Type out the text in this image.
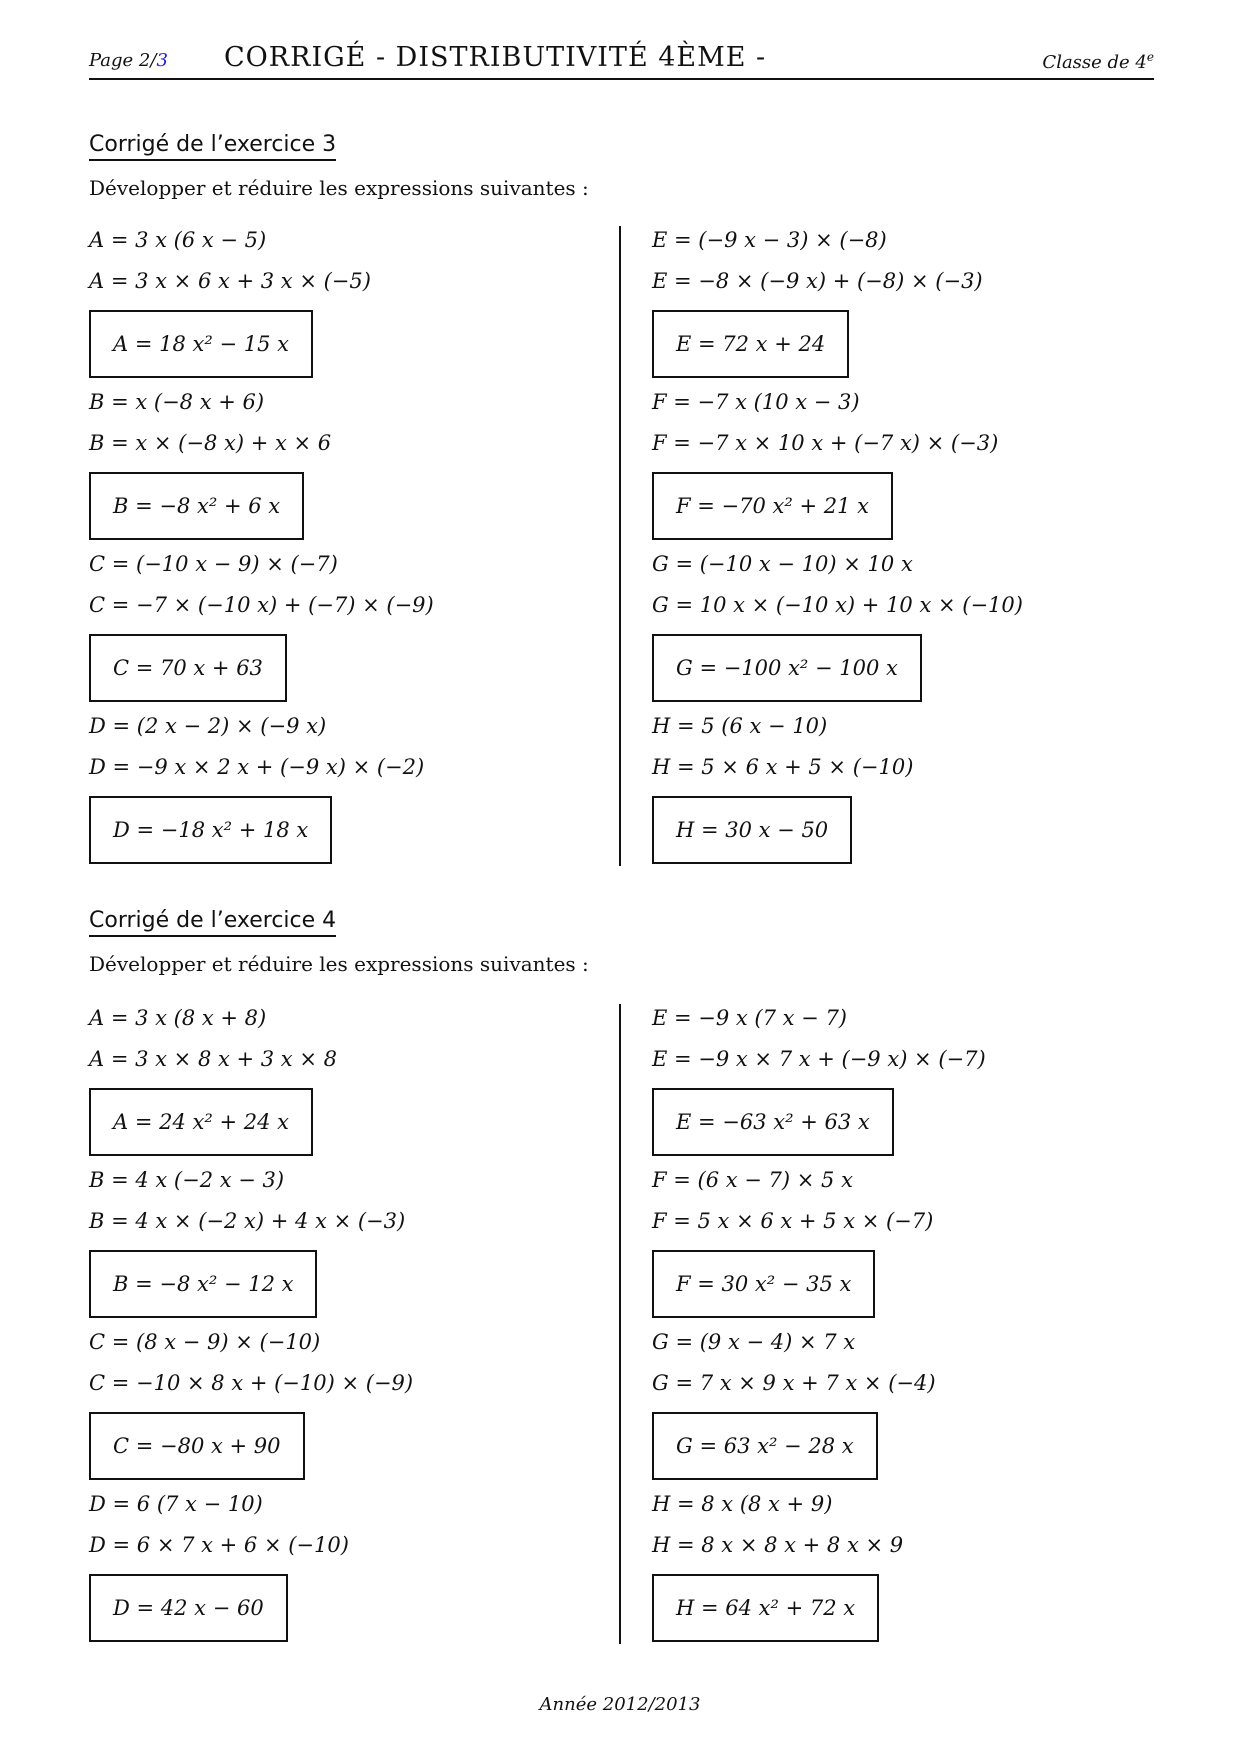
Page 2/3 CORRIGÉ - DISTRIBUTIVITÉ 4ÈME -	Classe de 4e
Corrigé de l’exercice 3
Développer et réduire les expressions suivantes :
A = 3 x (6 x − 5)
A = 3 x × 6 x + 3 x × (−5)
A = 18 x² − 15 x
B = x (−8 x + 6)
B = x × (−8 x) + x × 6
B = −8 x² + 6 x
C = (−10 x − 9) × (−7)
C = −7 × (−10 x) + (−7) × (−9)
C = 70 x + 63
D = (2 x − 2) × (−9 x)
D = −9 x × 2 x + (−9 x) × (−2)
D = −18 x² + 18 x
E = (−9 x − 3) × (−8)
E = −8 × (−9 x) + (−8) × (−3)
E = 72 x + 24
F = −7 x (10 x − 3)
F = −7 x × 10 x + (−7 x) × (−3)
F = −70 x² + 21 x
G = (−10 x − 10) × 10 x
G = 10 x × (−10 x) + 10 x × (−10)
G = −100 x² − 100 x
H = 5 (6 x − 10)
H = 5 × 6 x + 5 × (−10)
H = 30 x − 50
Corrigé de l’exercice 4
Développer et réduire les expressions suivantes :
A = 3 x (8 x + 8)
A = 3 x × 8 x + 3 x × 8
A = 24 x² + 24 x
B = 4 x (−2 x − 3)
B = 4 x × (−2 x) + 4 x × (−3)
B = −8 x² − 12 x
C = (8 x − 9) × (−10)
C = −10 × 8 x + (−10) × (−9)
C = −80 x + 90
D = 6 (7 x − 10)
D = 6 × 7 x + 6 × (−10)
D = 42 x − 60
E = −9 x (7 x − 7)
E = −9 x × 7 x + (−9 x) × (−7)
E = −63 x² + 63 x
F = (6 x − 7) × 5 x
F = 5 x × 6 x + 5 x × (−7)
F = 30 x² − 35 x
G = (9 x − 4) × 7 x
G = 7 x × 9 x + 7 x × (−4)
G = 63 x² − 28 x
H = 8 x (8 x + 9)
H = 8 x × 8 x + 8 x × 9
H = 64 x² + 72 x
Année 2012/2013
